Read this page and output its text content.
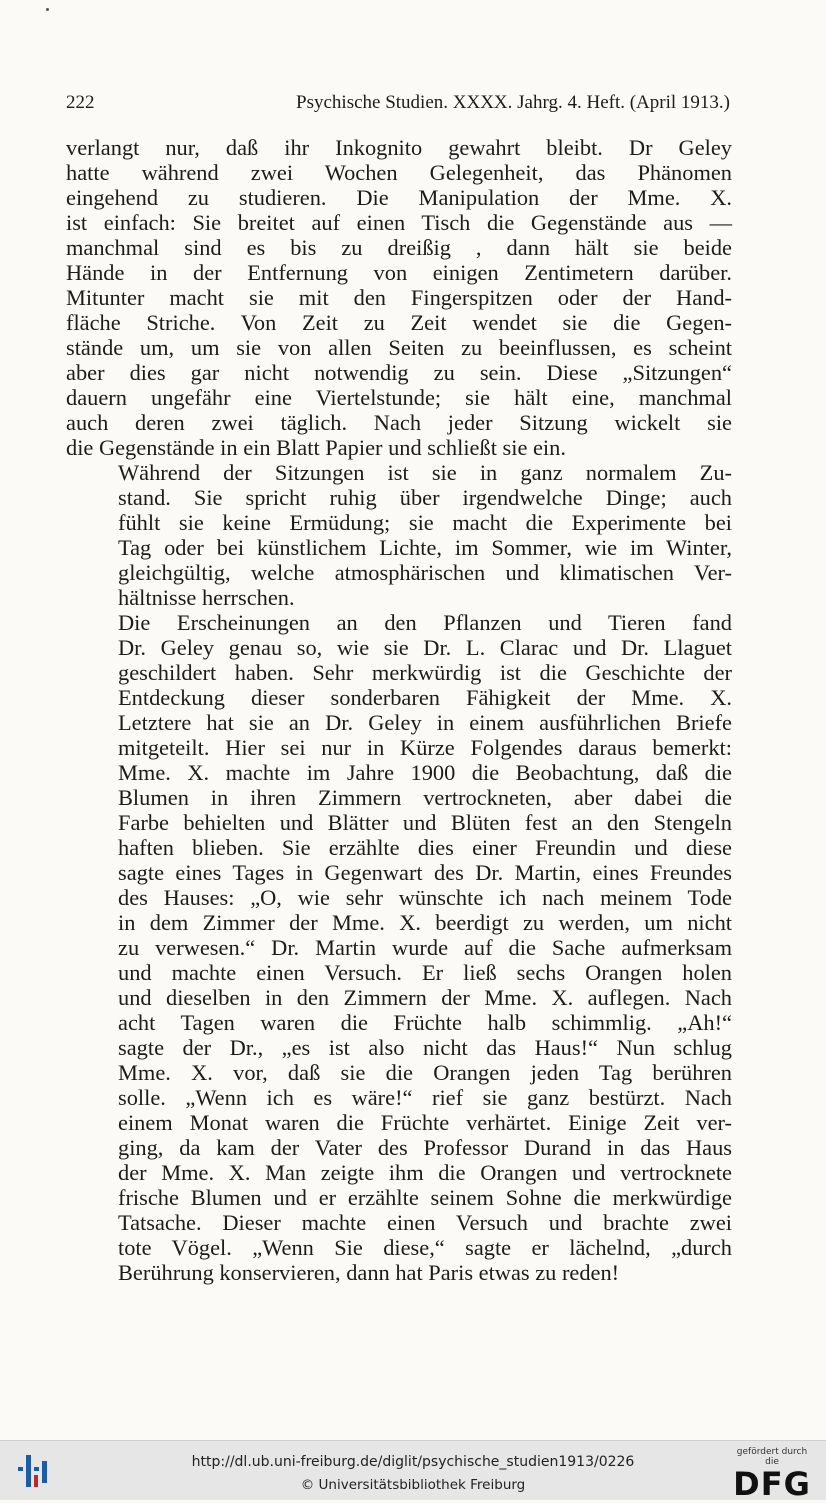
222	Psychische Studien. XXXX. Jahrg. 4. Heft. (April 1913.)
verlangt nur, daß ihr Inkognito gewahrt bleibt. Dr Geley
hatte während zwei Wochen Gelegenheit, das Phänomen
eingehend zu studieren. Die Manipulation der Mme. X.
ist einfach: Sie breitet auf einen Tisch die Gegenstände aus —
manchmal sind es bis zu dreißig , dann hält sie beide
Hände in der Entfernung von einigen Zentimetern darüber.
Mitunter macht sie mit den Fingerspitzen oder der Hand-
fläche Striche. Von Zeit zu Zeit wendet sie die Gegen-
stände um, um sie von allen Seiten zu beeinflussen, es scheint
aber dies gar nicht notwendig zu sein. Diese „Sitzungen“
dauern ungefähr eine Viertelstunde; sie hält eine, manchmal
auch deren zwei täglich. Nach jeder Sitzung wickelt sie
die Gegenstände in ein Blatt Papier und schließt sie ein.
Während der Sitzungen ist sie in ganz normalem Zu-
stand. Sie spricht ruhig über irgendwelche Dinge; auch
fühlt sie keine Ermüdung; sie macht die Experimente bei
Tag oder bei künstlichem Lichte, im Sommer, wie im Winter,
gleichgültig, welche atmosphärischen und klimatischen Ver-
hältnisse herrschen.
Die Erscheinungen an den Pflanzen und Tieren fand
Dr. Geley genau so, wie sie Dr. L. Clarac und Dr. Llaguet
geschildert haben. Sehr merkwürdig ist die Geschichte der
Entdeckung dieser sonderbaren Fähigkeit der Mme. X.
Letztere hat sie an Dr. Geley in einem ausführlichen Briefe
mitgeteilt. Hier sei nur in Kürze Folgendes daraus bemerkt:
Mme. X. machte im Jahre 1900 die Beobachtung, daß die
Blumen in ihren Zimmern vertrockneten, aber dabei die
Farbe behielten und Blätter und Blüten fest an den Stengeln
haften blieben. Sie erzählte dies einer Freundin und diese
sagte eines Tages in Gegenwart des Dr. Martin, eines Freundes
des Hauses: „O, wie sehr wünschte ich nach meinem Tode
in dem Zimmer der Mme. X. beerdigt zu werden, um nicht
zu verwesen.“ Dr. Martin wurde auf die Sache aufmerksam
und machte einen Versuch. Er ließ sechs Orangen holen
und dieselben in den Zimmern der Mme. X. auflegen. Nach
acht Tagen waren die Früchte halb schimmlig. „Ah!“
sagte der Dr., „es ist also nicht das Haus!“ Nun schlug
Mme. X. vor, daß sie die Orangen jeden Tag berühren
solle. „Wenn ich es wäre!“ rief sie ganz bestürzt. Nach
einem Monat waren die Früchte verhärtet. Einige Zeit ver-
ging, da kam der Vater des Professor Durand in das Haus
der Mme. X. Man zeigte ihm die Orangen und vertrocknete
frische Blumen und er erzählte seinem Sohne die merkwürdige
Tatsache. Dieser machte einen Versuch und brachte zwei
tote Vögel. „Wenn Sie diese,“ sagte er lächelnd, „durch
Berührung konservieren, dann hat Paris etwas zu reden!
http://dl.ub.uni-freiburg.de/diglit/psychische_studien1913/0226
© Universitätsbibliothek Freiburg
gefördert durch die
DFG
